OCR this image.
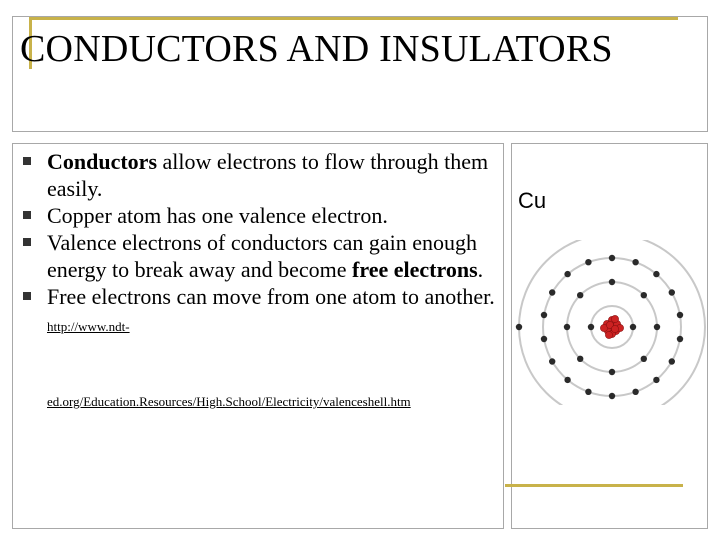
CONDUCTORS AND INSULATORS
Conductors allow electrons to flow through them easily.
Copper atom has one valence electron.
Valence electrons of conductors can gain enough energy to break away and become free electrons.
Free electrons can move from one atom to another. http://www.ndt-
ed.org/Education.Resources/High.School/Electricity/valenceshell.htm
Cu
